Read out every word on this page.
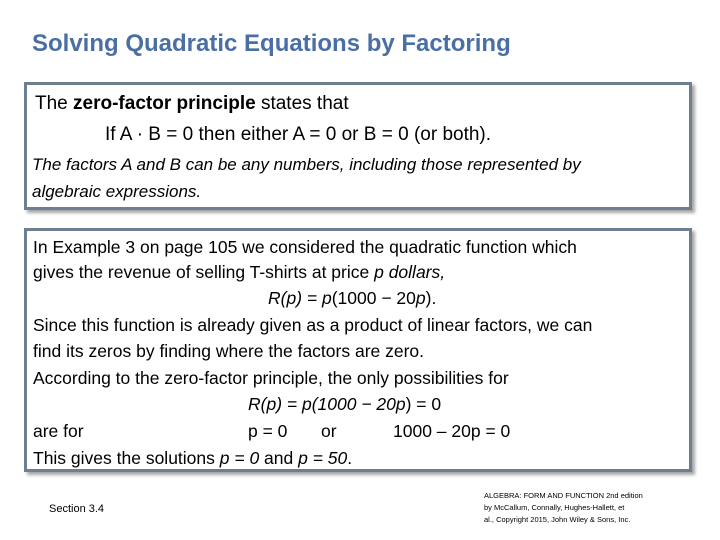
Solving Quadratic Equations by Factoring
The zero-factor principle states that
If A · B = 0 then either A = 0 or B = 0 (or both).
The factors A and B can be any numbers, including those represented by
algebraic expressions.
In Example 3 on page 105 we considered the quadratic function which
gives the revenue of selling T-shirts at price p dollars,
R(p) = p(1000 − 20p).
Since this function is already given as a product of linear factors, we can
find its zeros by finding where the factors are zero.
According to the zero-factor principle, the only possibilities for
R(p) = p(1000 − 20p) = 0
are for	p = 0 or	1000 – 20p = 0
This gives the solutions p = 0 and p = 50.
Section 3.4
ALGEBRA: FORM AND FUNCTION 2nd edition
by McCallum, Connally, Hughes-Hallett, et
al., Copyright 2015, John Wiley & Sons, Inc.
